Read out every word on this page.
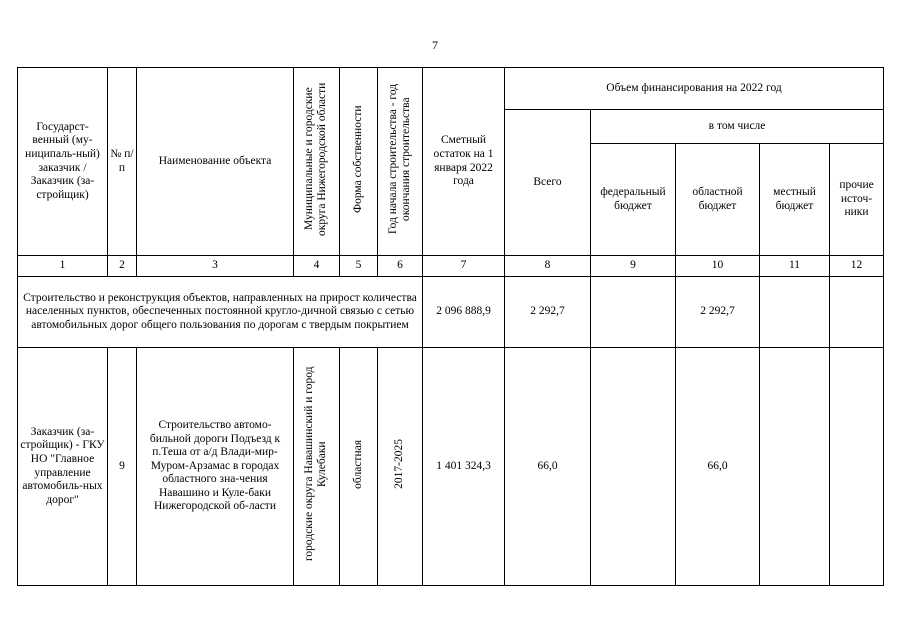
7
Государст-венный (му-ниципаль-ный) заказчик / Заказчик (за-стройщик)	№ п/п	Наименование объекта	Муниципальные и городские округа Нижегородской области	Форма собственности	Год начала строительства - год окончания строительства	Сметный остаток на 1 января 2022 года	Объем финансирования на 2022 год				
							Всего	в том числе			
								федеральный бюджет	областной бюджет	местный бюджет	прочие источ-ники
1	2	3	4	5	6	7	8	9	10	11	12
Строительство и реконструкция объектов, направленных на прирост количества населенных пунктов, обеспеченных постоянной кругло-дичной связью с сетью автомобильных дорог общего пользования по дорогам с твердым покрытием						2 096 888,9	2 292,7		2 292,7		
Заказчик (за-стройщик) - ГКУ НО "Главное управление автомобиль-ных дорог"	9	Строительство автомо-бильной дороги Подъезд к п.Теша от а/д Влади-мир-Муром-Арзамас в городах областного зна-чения Навашино и Куле-баки Нижегородской об-ласти	городские округа Навашинский и город Кулебаки	областная	2017-2025	1 401 324,3	66,0		66,0		
